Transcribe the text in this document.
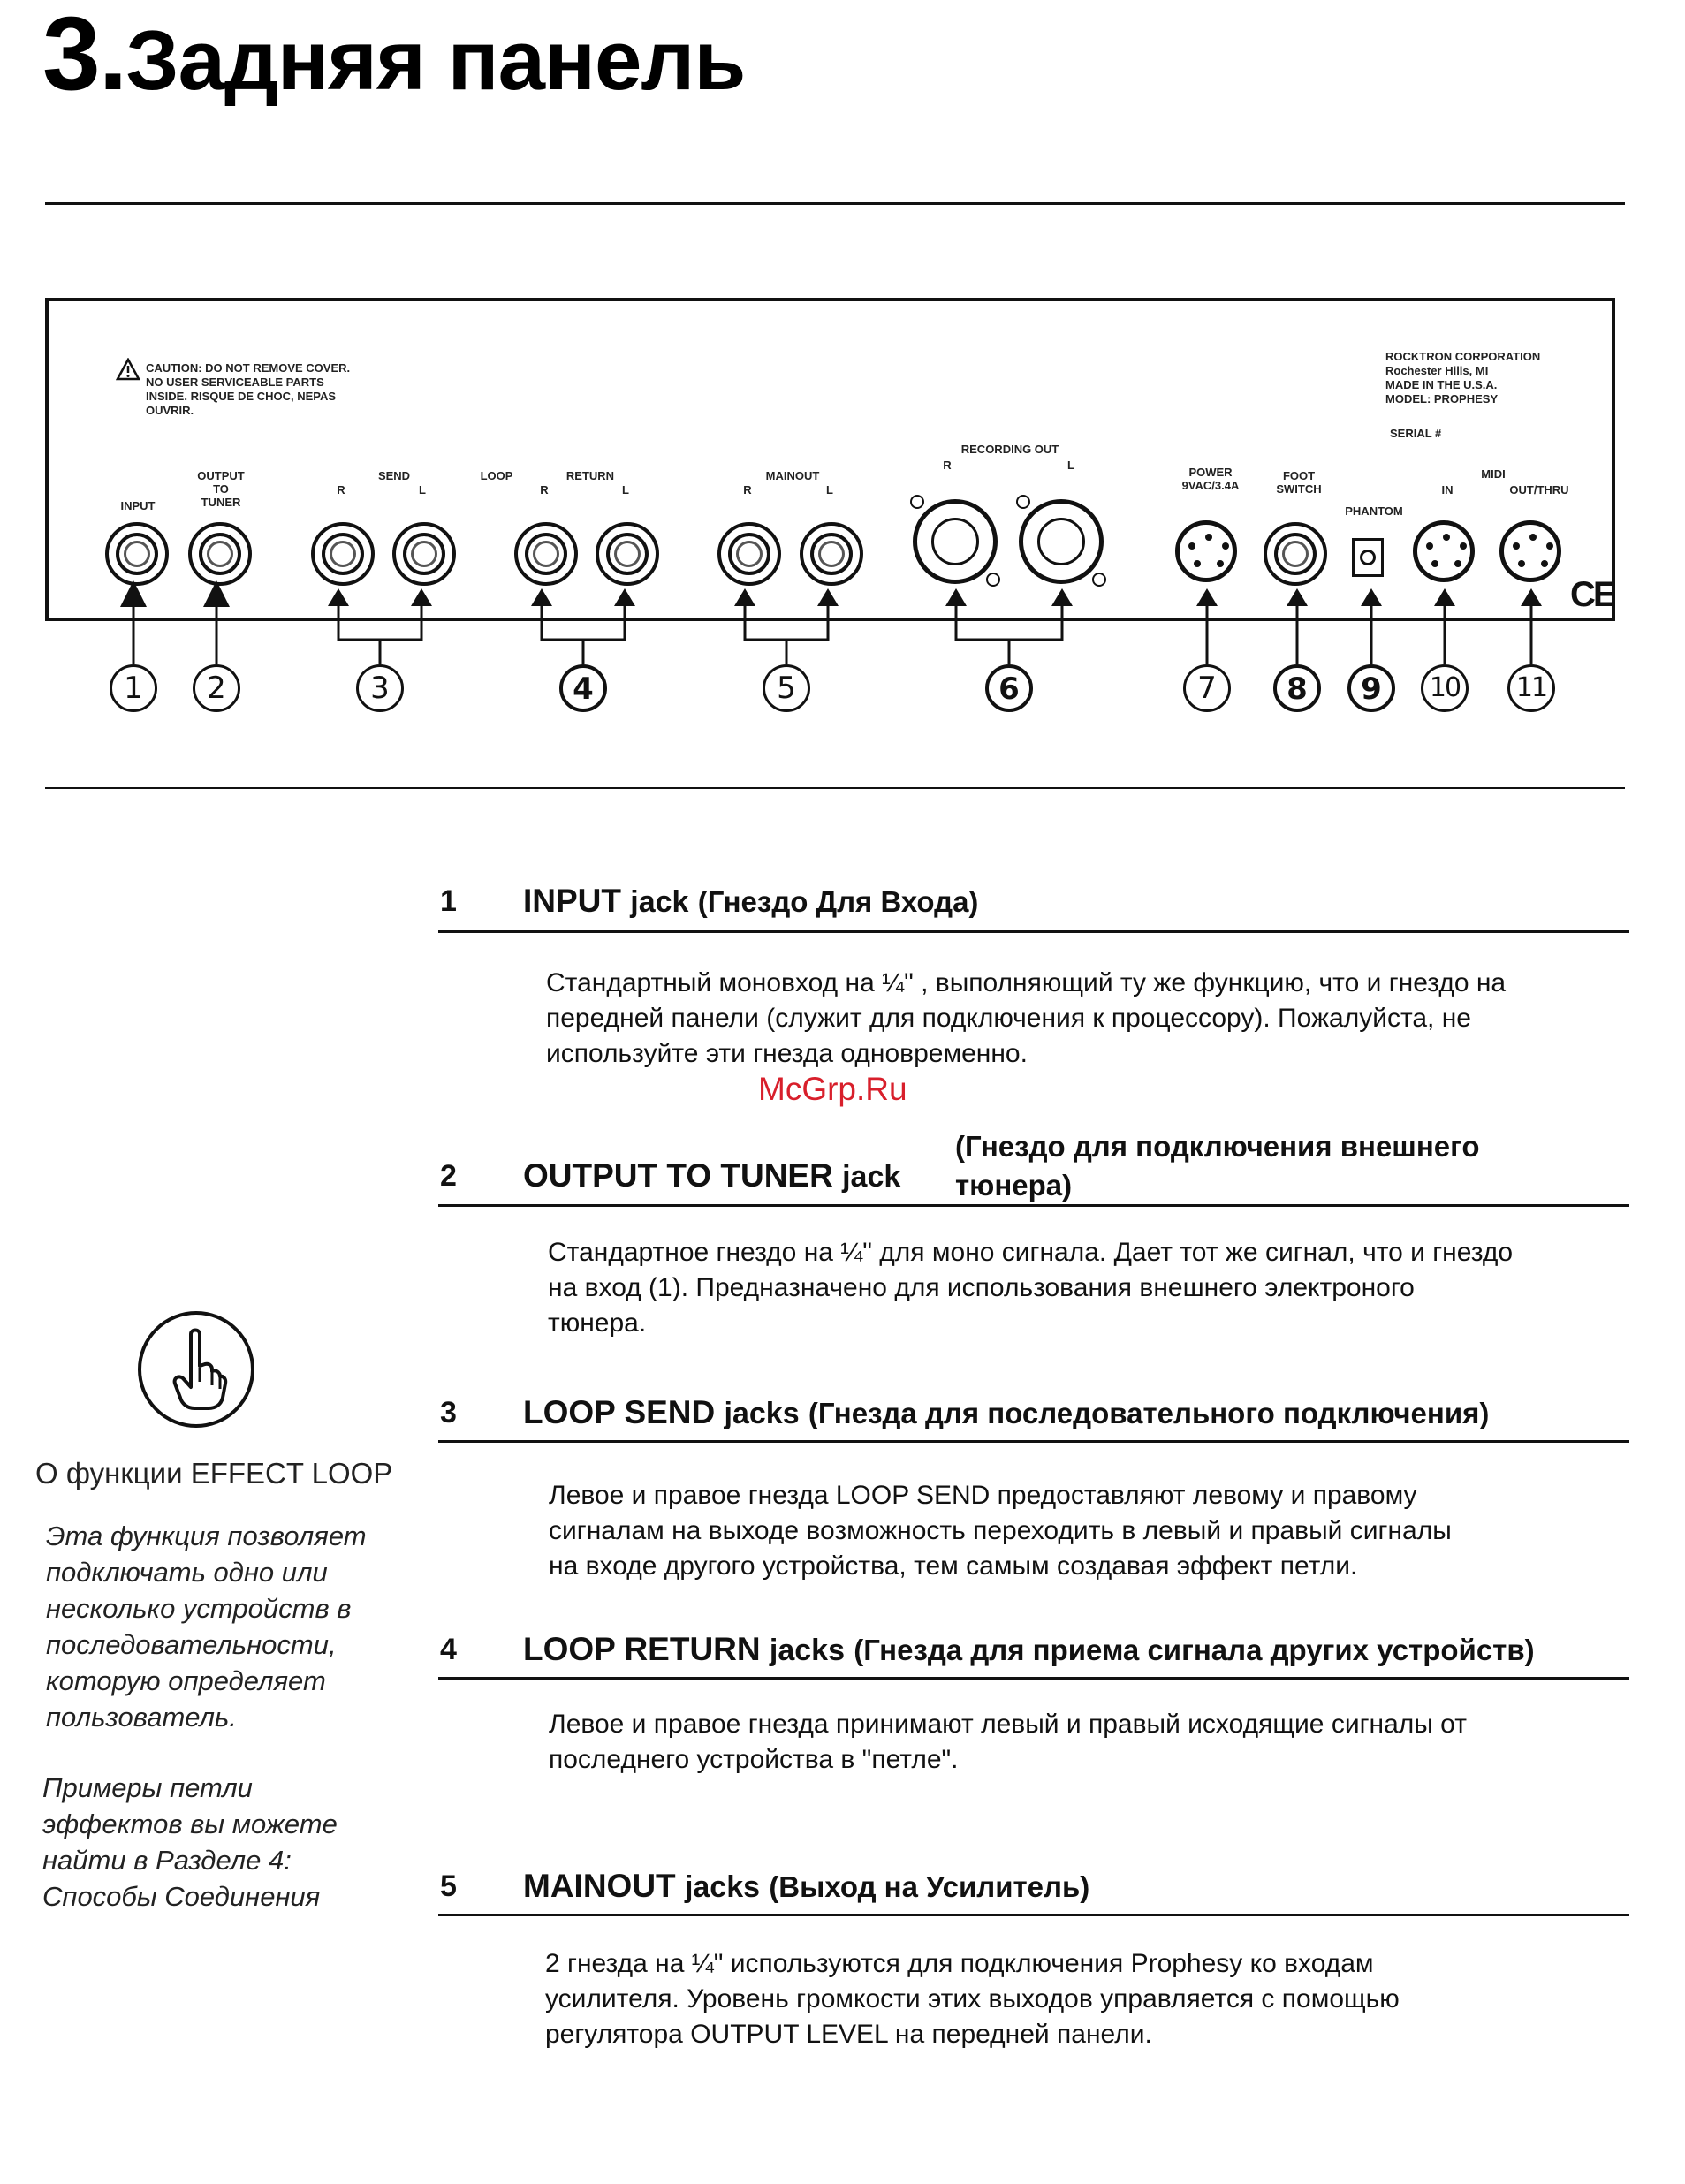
3.Задняя панель
CAUTION: DO NOT REMOVE COVER.
NO USER SERVICEABLE PARTS
INSIDE. RISQUE DE CHOC, NEPAS
OUVRIR.
ROCKTRON CORPORATION
Rochester Hills, MI
MADE IN THE U.S.A.
MODEL: PROPHESY
SERIAL #
INPUT
OUTPUT
TO
TUNER
SEND	LOOP	RETURN	MAINOUT
RECORDING OUT
POWER
9VAC/3.4A
FOOT
SWITCH
PHANTOM
MIDI
IN	OUT/THRU
R	L	R	L	R	L
R	L
CE
1	2	3	4	5	6	7	8	9	10	11
1 INPUT jack (Гнездо Для Входа)
Стандартный моновход на ¼" , выполняющий ту же функцию, что и гнездо на
передней панели (служит для подключения к процессору). Пожалуйста, не
используйте эти гнезда одновременно.
McGrp.Ru
2 OUTPUT TO TUNER jack
(Гнездо для подключения внешнего
тюнера)
Стандартное гнездо на ¼" для моно сигнала. Дает тот же сигнал, что и гнездо
на вход (1). Предназначено для использования внешнего электроного
тюнера.
О функции EFFECT LOOP
Эта функция позволяет
подключать одно или
несколько устройств в
последовательности,
которую определяет
пользователь.
Примеры петли
эффектов вы можете
найти в Разделе 4:
Способы Соединения
3 LOOP SEND jacks (Гнезда для последовательного подключения)
Левое и правое гнезда LOOP SEND предоставляют левому и правому
сигналам на выходе возможность переходить в левый и правый сигналы
на входе другого устройства, тем самым создавая эффект петли.
4 LOOP RETURN jacks (Гнезда для приема сигнала других устройств)
Левое и правое гнезда принимают левый и правый исходящие сигналы от
последнего устройства в "петле".
5 MAINOUT jacks (Выход на Усилитель)
2 гнезда на ¼" используются для подключения Prophesy ко входам
усилителя. Уровень громкости этих выходов управляется с помощью
регулятора OUTPUT LEVEL на передней панели.
